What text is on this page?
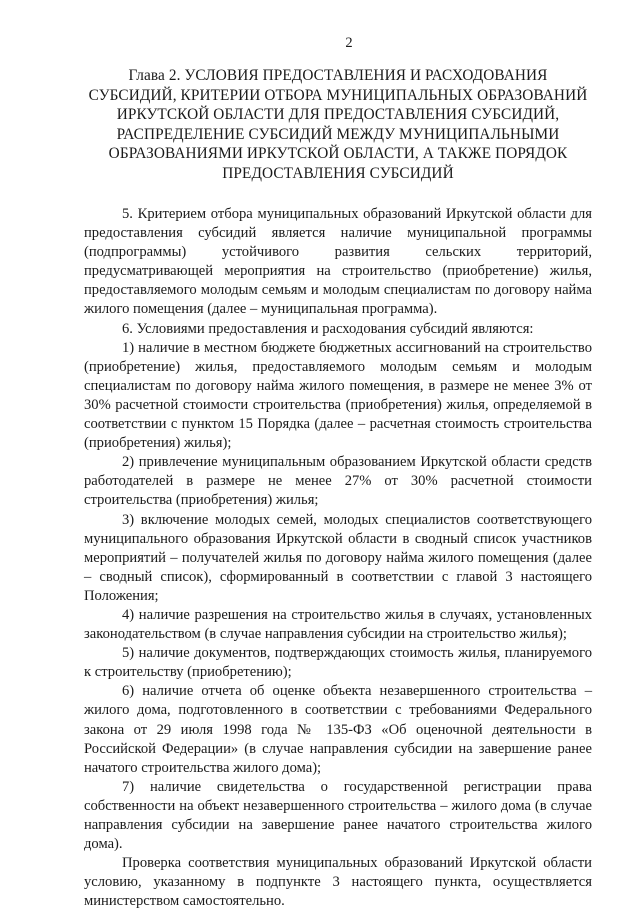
2
Глава 2. УСЛОВИЯ ПРЕДОСТАВЛЕНИЯ И РАСХОДОВАНИЯ
СУБСИДИЙ, КРИТЕРИИ ОТБОРА МУНИЦИПАЛЬНЫХ ОБРАЗОВАНИЙ
ИРКУТСКОЙ ОБЛАСТИ ДЛЯ ПРЕДОСТАВЛЕНИЯ СУБСИДИЙ,
РАСПРЕДЕЛЕНИЕ СУБСИДИЙ МЕЖДУ МУНИЦИПАЛЬНЫМИ
ОБРАЗОВАНИЯМИ ИРКУТСКОЙ ОБЛАСТИ, А ТАКЖЕ ПОРЯДОК
ПРЕДОСТАВЛЕНИЯ СУБСИДИЙ

5. Критерием отбора муниципальных образований Иркутской области для предоставления субсидий является наличие муниципальной программы (подпрограммы) устойчивого развития сельских территорий, предусматривающей мероприятия на строительство (приобретение) жилья, предоставляемого молодым семьям и молодым специалистам по договору найма жилого помещения (далее – муниципальная программа).

6. Условиями предоставления и расходования субсидий являются:

1) наличие в местном бюджете бюджетных ассигнований на строительство (приобретение) жилья, предоставляемого молодым семьям и молодым специалистам по договору найма жилого помещения, в размере не менее 3% от 30% расчетной стоимости строительства (приобретения) жилья, определяемой в соответствии с пунктом 15 Порядка (далее – расчетная стоимость строительства (приобретения) жилья);

2) привлечение муниципальным образованием Иркутской области средств работодателей в размере не менее 27% от 30% расчетной стоимости строительства (приобретения) жилья;

3) включение молодых семей, молодых специалистов соответствующего муниципального образования Иркутской области в сводный список участников мероприятий – получателей жилья по договору найма жилого помещения (далее – сводный список), сформированный в соответствии с главой 3 настоящего Положения;

4) наличие разрешения на строительство жилья в случаях, установленных законодательством (в случае направления субсидии на строительство жилья);

5) наличие документов, подтверждающих стоимость жилья, планируемого к строительству (приобретению);

6) наличие отчета об оценке объекта незавершенного строительства – жилого дома, подготовленного в соответствии с требованиями Федерального закона от 29 июля 1998 года № 135-ФЗ «Об оценочной деятельности в Российской Федерации» (в случае направления субсидии на завершение ранее начатого строительства жилого дома);

7) наличие свидетельства о государственной регистрации права собственности на объект незавершенного строительства – жилого дома (в случае направления субсидии на завершение ранее начатого строительства жилого дома).

Проверка соответствия муниципальных образований Иркутской области условию, указанному в подпункте 3 настоящего пункта, осуществляется министерством самостоятельно.
